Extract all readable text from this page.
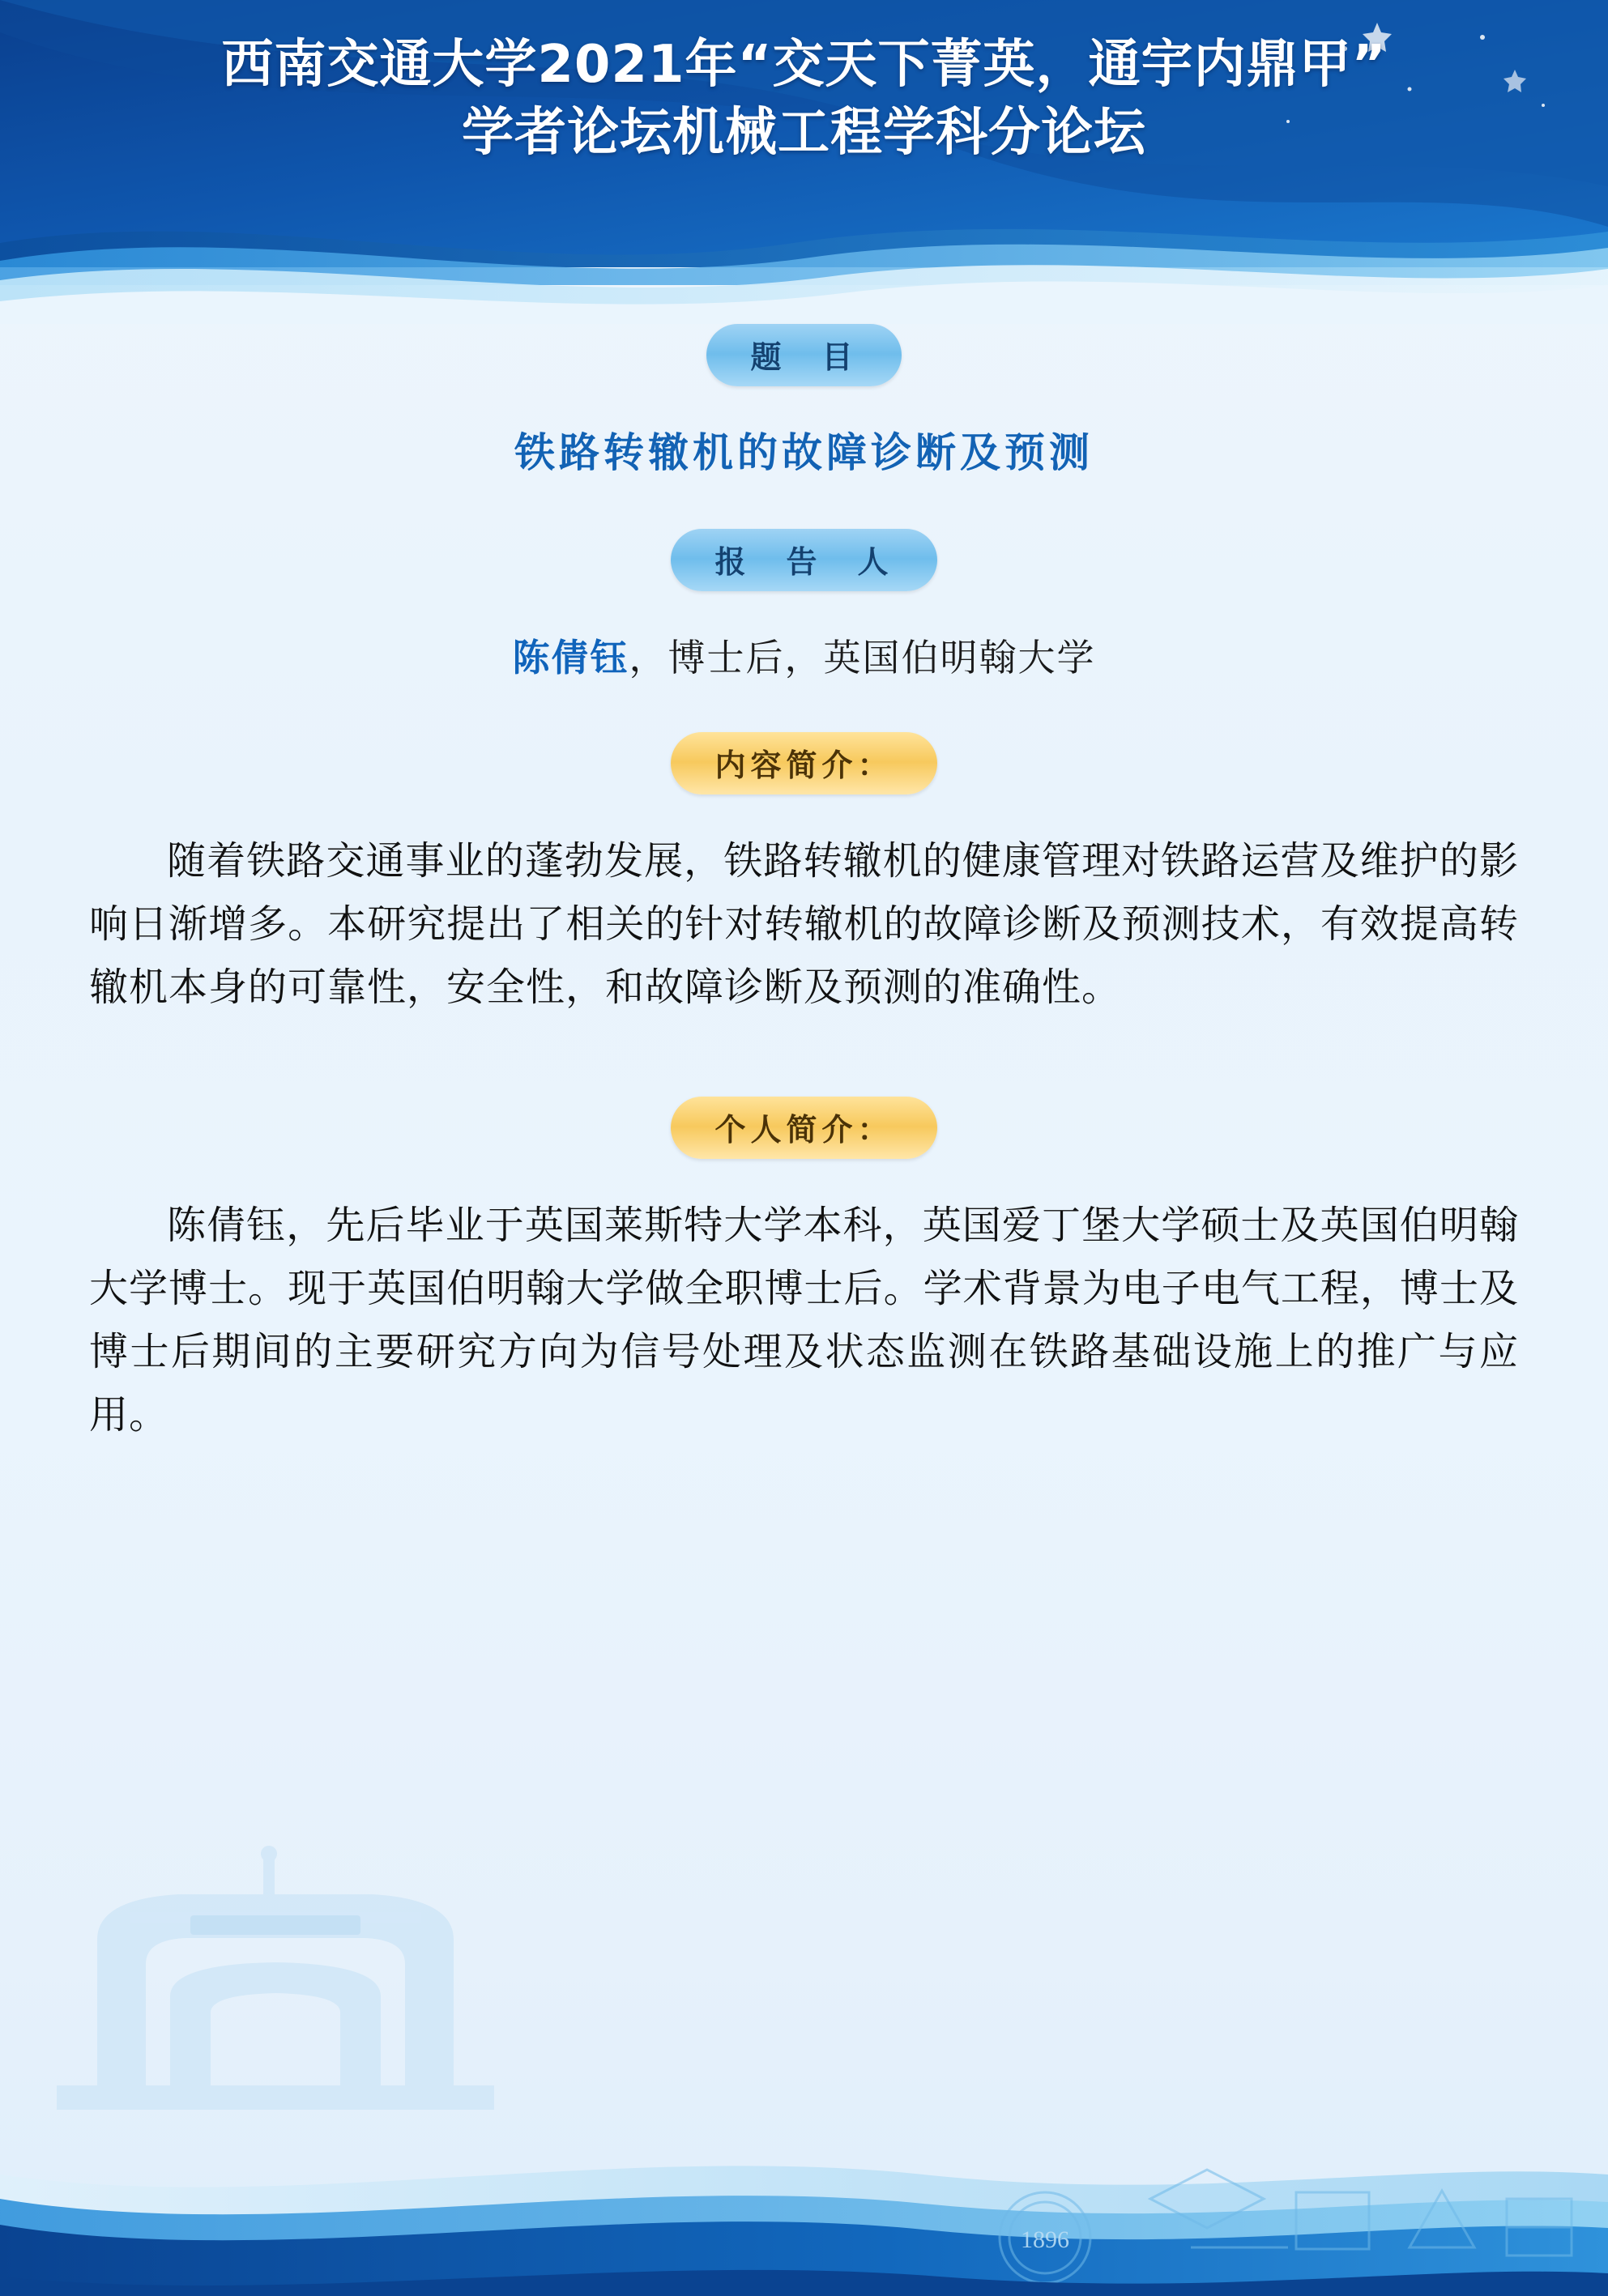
西南交通大学2021年“交天下菁英，通宇内鼎甲”
学者论坛机械工程学科分论坛
题　目
铁路转辙机的故障诊断及预测
报　告　人
陈倩钰，博士后，英国伯明翰大学
内容简介：
随着铁路交通事业的蓬勃发展，铁路转辙机的健康管理对铁路运营及维护的影响日渐增多。本研究提出了相关的针对转辙机的故障诊断及预测技术，有效提高转辙机本身的可靠性，安全性，和故障诊断及预测的准确性。
个人简介：
陈倩钰，先后毕业于英国莱斯特大学本科，英国爱丁堡大学硕士及英国伯明翰大学博士。现于英国伯明翰大学做全职博士后。学术背景为电子电气工程，博士及博士后期间的主要研究方向为信号处理及状态监测在铁路基础设施上的推广与应用。
1896
